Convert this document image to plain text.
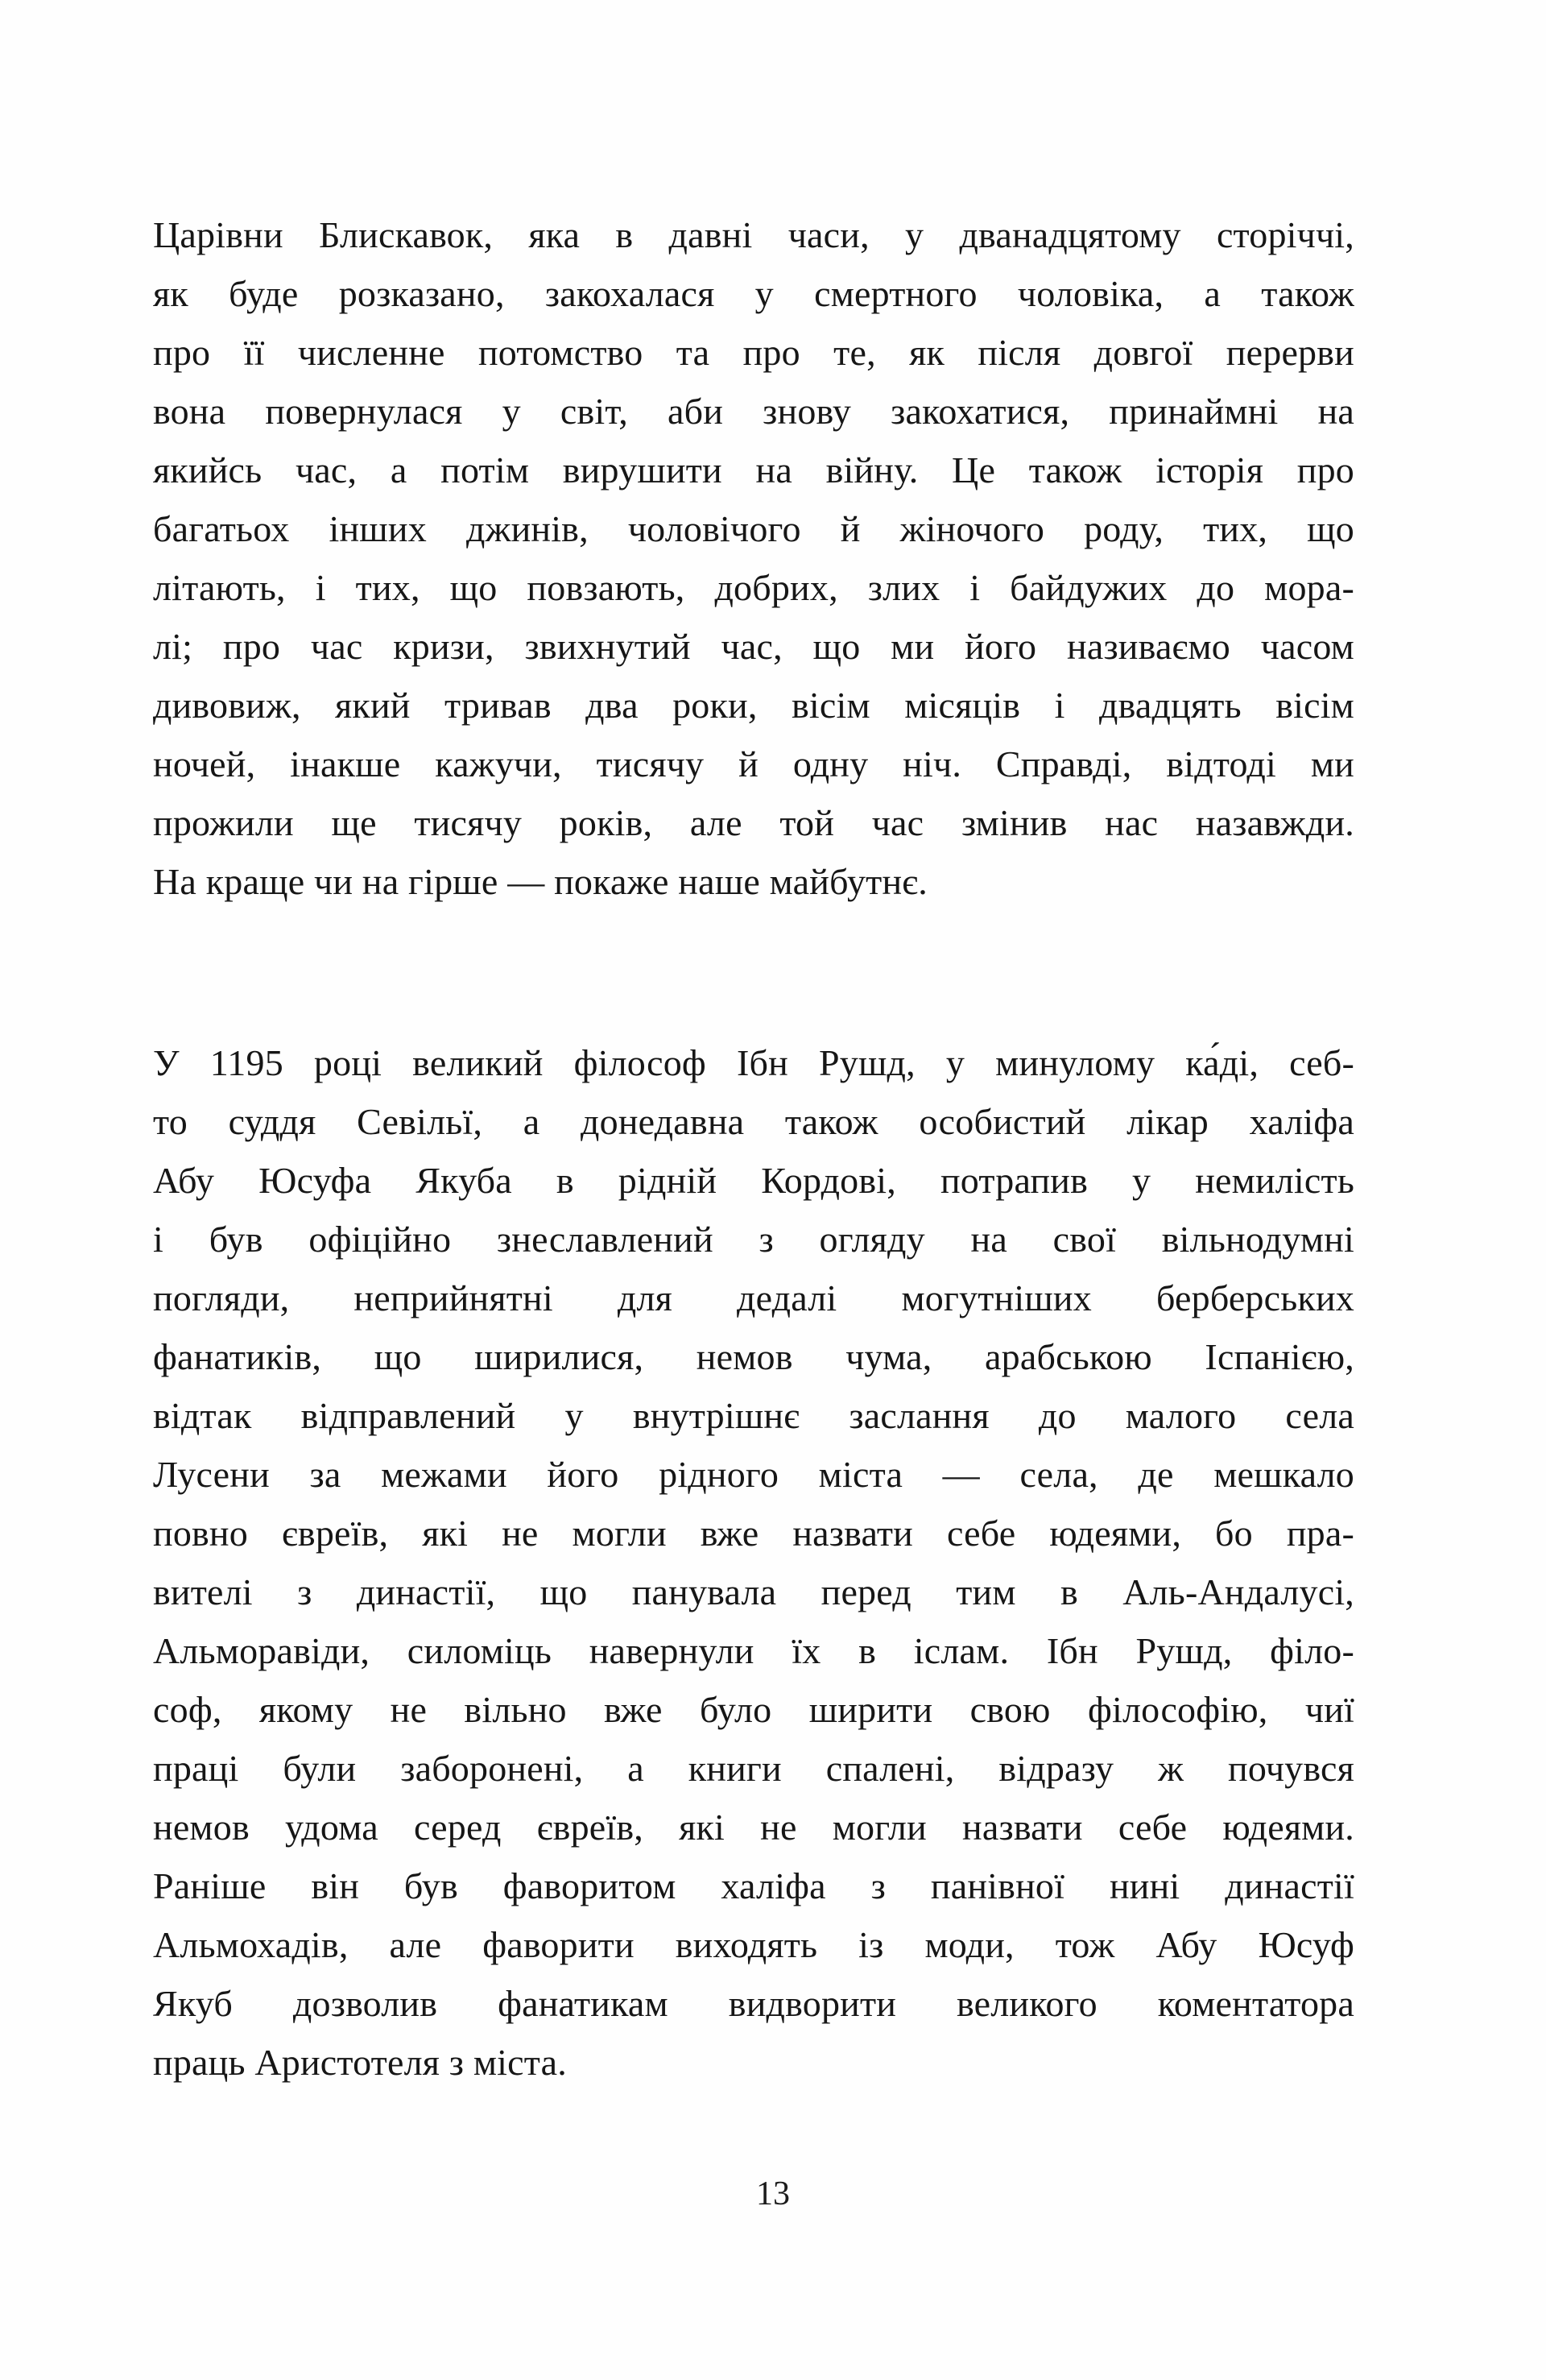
Царівни Блискавок, яка в давні часи, у дванадцятому сторіччі,
як буде розказано, закохалася у смертного чоловіка, а також
про її численне потомство та про те, як після довгої перерви
вона повернулася у світ, аби знову закохатися, принаймні на
якийсь час, а потім вирушити на війну. Це також історія про
багатьох інших джинів, чоловічого й жіночого роду, тих, що
літають, і тих, що повзають, добрих, злих і байдужих до мора-
лі; про час кризи, звихнутий час, що ми його називаємо часом
дивовиж, який тривав два роки, вісім місяців і двадцять вісім
ночей, інакше кажучи, тисячу й одну ніч. Справді, відтоді ми
прожили ще тисячу років, але той час змінив нас назавжди.
На краще чи на гірше — покаже наше майбутнє.
У 1195 році великий філософ Ібн Рушд, у минулому ка́ді, себ-
то суддя Севільї, а донедавна також особистий лікар халіфа
Абу Юсуфа Якуба в рідній Кордові, потрапив у немилість
і був офіційно знеславлений з огляду на свої вільнодумні
погляди, неприйнятні для дедалі могутніших берберських
фанатиків, що ширилися, немов чума, арабською Іспанією,
відтак відправлений у внутрішнє заслання до малого села
Лусени за межами його рідного міста — села, де мешкало
повно євреїв, які не могли вже назвати себе юдеями, бо пра-
вителі з династії, що панувала перед тим в Аль-Андалусі,
Альморавіди, силоміць навернули їх в іслам. Ібн Рушд, філо-
соф, якому не вільно вже було ширити свою філософію, чиї
праці були заборонені, а книги спалені, відразу ж почувся
немов удома серед євреїв, які не могли назвати себе юдеями.
Раніше він був фаворитом халіфа з панівної нині династії
Альмохадів, але фаворити виходять із моди, тож Абу Юсуф
Якуб дозволив фанатикам видворити великого коментатора
праць Аристотеля з міста.
13
